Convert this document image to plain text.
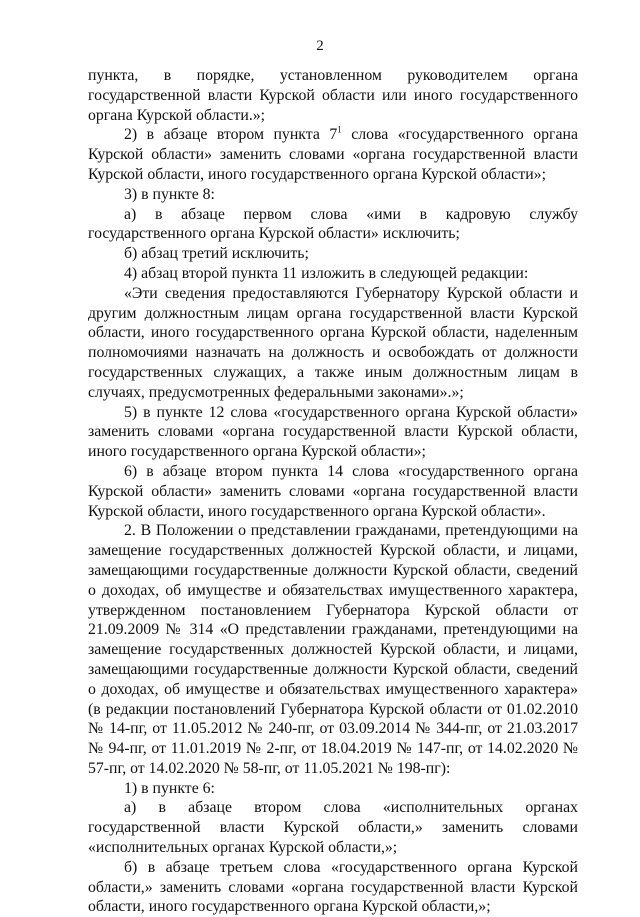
2

пункта, в порядке, установленном руководителем органа государственной власти Курской области или иного государственного органа Курской области.»;

2) в абзаце втором пункта $7^1$ слова «государственного органа Курской области» заменить словами «органа государственной власти Курской области, иного государственного органа Курской области»;

3) в пункте 8:

а) в абзаце первом слова «ими в кадровую службу государственного органа Курской области» исключить;

б) абзац третий исключить;

4) абзац второй пункта 11 изложить в следующей редакции:

«Эти сведения предоставляются Губернатору Курской области и другим должностным лицам органа государственной власти Курской области, иного государственного органа Курской области, наделенным полномочиями назначать на должность и освобождать от должности государственных служащих, а также иным должностным лицам в случаях, предусмотренных федеральными законами».»;

5) в пункте 12 слова «государственного органа Курской области» заменить словами «органа государственной власти Курской области, иного государственного органа Курской области»;

6) в абзаце втором пункта 14 слова «государственного органа Курской области» заменить словами «органа государственной власти Курской области, иного государственного органа Курской области».

2. В Положении о представлении гражданами, претендующими на замещение государственных должностей Курской области, и лицами, замещающими государственные должности Курской области, сведений о доходах, об имуществе и обязательствах имущественного характера, утвержденном постановлением Губернатора Курской области от 21.09.2009 № 314 «О представлении гражданами, претендующими на замещение государственных должностей Курской области, и лицами, замещающими государственные должности Курской области, сведений о доходах, об имуществе и обязательствах имущественного характера» (в редакции постановлений Губернатора Курской области от 01.02.2010 № 14-пг, от 11.05.2012 № 240-пг, от 03.09.2014 № 344-пг, от 21.03.2017 № 94-пг, от 11.01.2019 № 2-пг, от 18.04.2019 № 147-пг, от 14.02.2020 № 57-пг, от 14.02.2020 № 58-пг, от 11.05.2021 № 198-пг):

1) в пункте 6:

а) в абзаце втором слова «исполнительных органах государственной власти Курской области,» заменить словами «исполнительных органах Курской области,»;

б) в абзаце третьем слова «государственного органа Курской области,» заменить словами «органа государственной власти Курской области, иного государственного органа Курской области,»;
